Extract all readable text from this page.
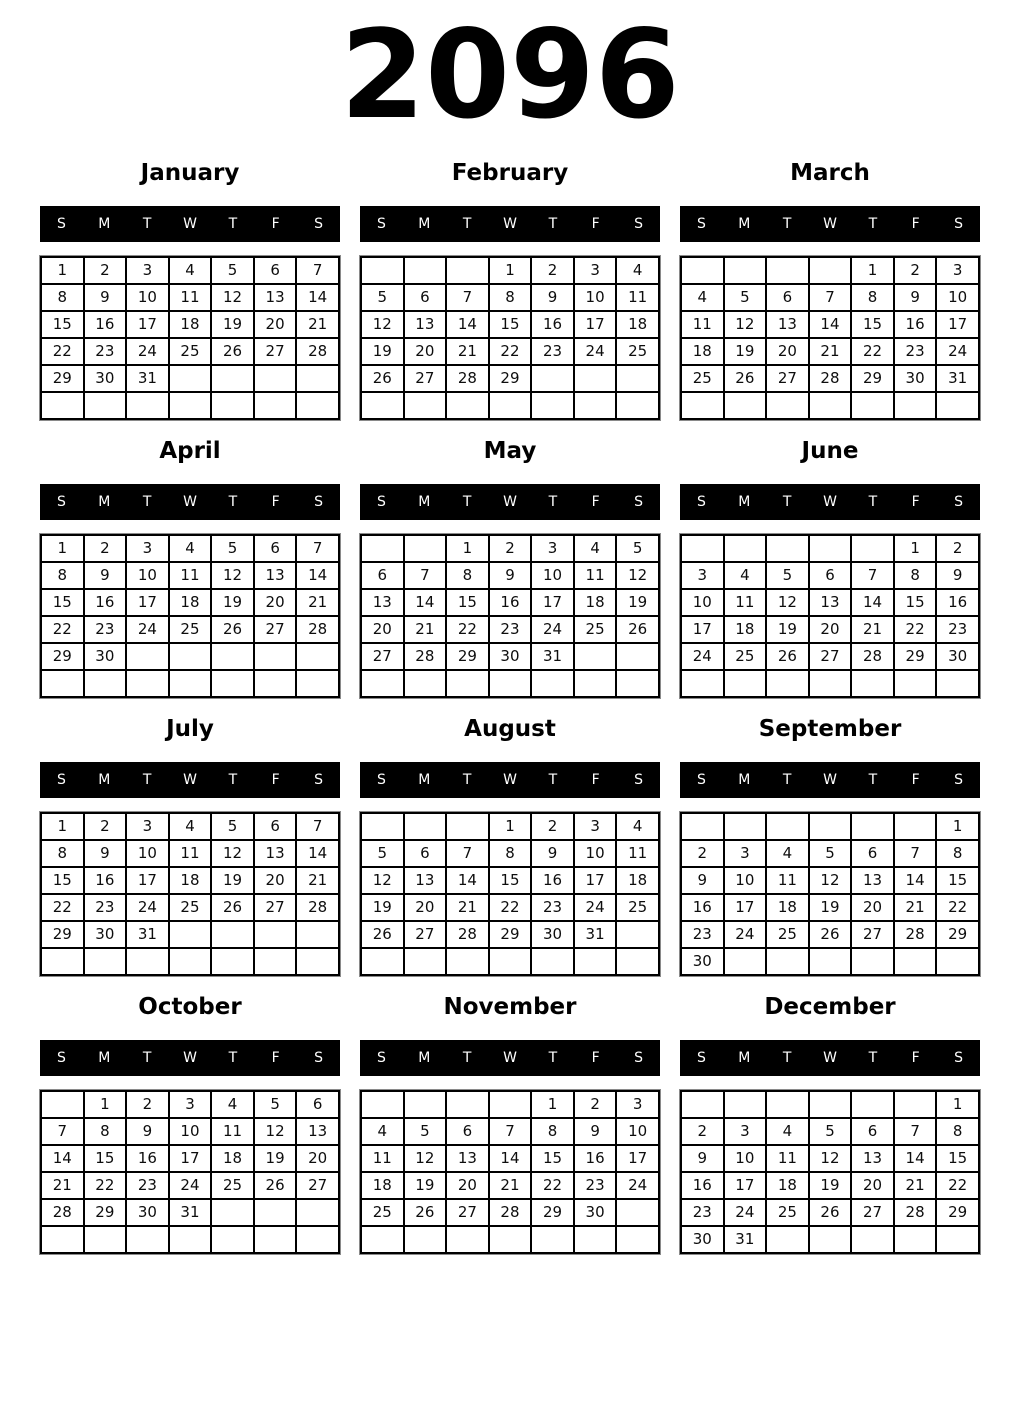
2096
January
S	M	T	W	T	F	S
1	2	3	4	5	6	7
8	9	10	11	12	13	14
15	16	17	18	19	20	21
22	23	24	25	26	27	28
29	30	31				

February
S	M	T	W	T	F	S
			1	2	3	4
5	6	7	8	9	10	11
12	13	14	15	16	17	18
19	20	21	22	23	24	25
26	27	28	29			

March
S	M	T	W	T	F	S
				1	2	3
4	5	6	7	8	9	10
11	12	13	14	15	16	17
18	19	20	21	22	23	24
25	26	27	28	29	30	31

April
S	M	T	W	T	F	S
1	2	3	4	5	6	7
8	9	10	11	12	13	14
15	16	17	18	19	20	21
22	23	24	25	26	27	28
29	30					

May
S	M	T	W	T	F	S
		1	2	3	4	5
6	7	8	9	10	11	12
13	14	15	16	17	18	19
20	21	22	23	24	25	26
27	28	29	30	31		

June
S	M	T	W	T	F	S
					1	2
3	4	5	6	7	8	9
10	11	12	13	14	15	16
17	18	19	20	21	22	23
24	25	26	27	28	29	30

July
S	M	T	W	T	F	S
1	2	3	4	5	6	7
8	9	10	11	12	13	14
15	16	17	18	19	20	21
22	23	24	25	26	27	28
29	30	31				

August
S	M	T	W	T	F	S
			1	2	3	4
5	6	7	8	9	10	11
12	13	14	15	16	17	18
19	20	21	22	23	24	25
26	27	28	29	30	31	

September
S	M	T	W	T	F	S
						1
2	3	4	5	6	7	8
9	10	11	12	13	14	15
16	17	18	19	20	21	22
23	24	25	26	27	28	29
30						
October
S	M	T	W	T	F	S
	1	2	3	4	5	6
7	8	9	10	11	12	13
14	15	16	17	18	19	20
21	22	23	24	25	26	27
28	29	30	31			

November
S	M	T	W	T	F	S
				1	2	3
4	5	6	7	8	9	10
11	12	13	14	15	16	17
18	19	20	21	22	23	24
25	26	27	28	29	30	

December
S	M	T	W	T	F	S
						1
2	3	4	5	6	7	8
9	10	11	12	13	14	15
16	17	18	19	20	21	22
23	24	25	26	27	28	29
30	31					
